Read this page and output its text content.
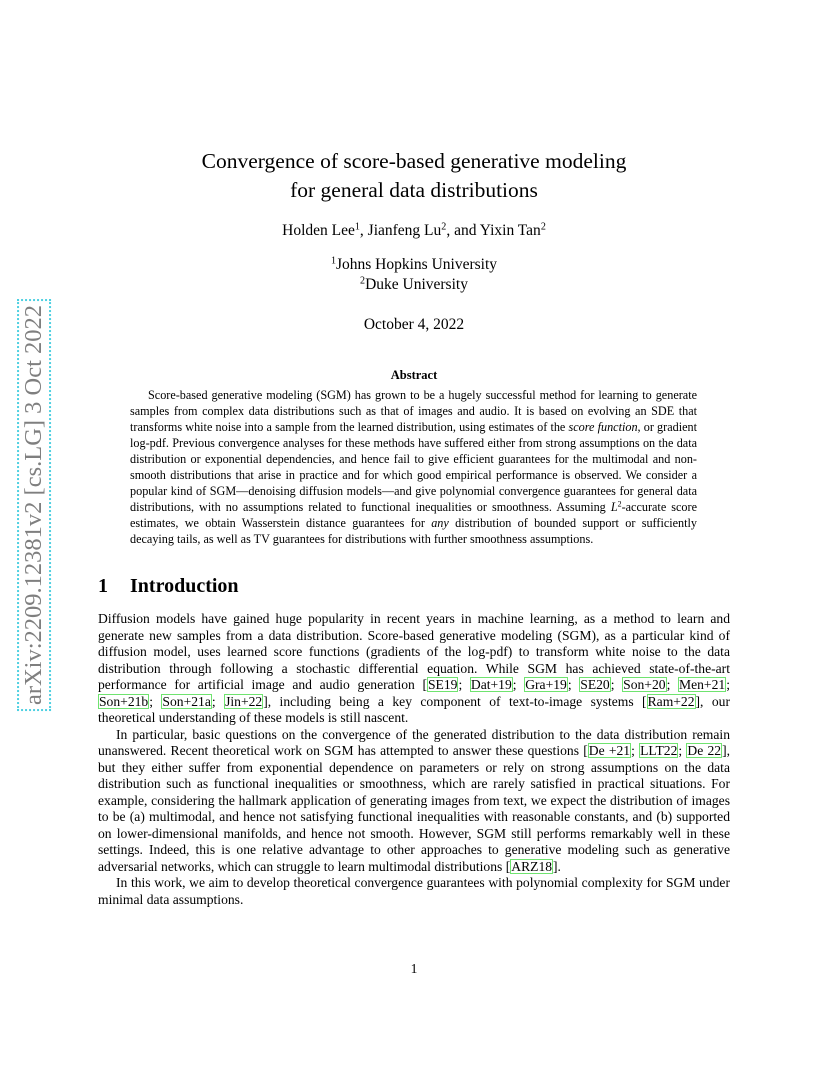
arXiv:2209.12381v2 [cs.LG] 3 Oct 2022
Convergence of score-based generative modeling
for general data distributions
Holden Lee$^1$, Jianfeng Lu$^2$, and Yixin Tan$^2$
$^1$Johns Hopkins University
$^2$Duke University
October 4, 2022
Abstract

Score-based generative modeling (SGM) has grown to be a hugely successful method for learning to generate samples from complex data distributions such as that of images and audio. It is based on evolving an SDE that transforms white noise into a sample from the learned distribution, using estimates of the score function, or gradient log-pdf. Previous convergence analyses for these methods have suffered either from strong assumptions on the data distribution or exponential dependencies, and hence fail to give efficient guarantees for the multimodal and non-smooth distributions that arise in practice and for which good empirical performance is observed. We consider a popular kind of SGM—denoising diffusion models—and give polynomial convergence guarantees for general data distributions, with no assumptions related to functional inequalities or smoothness. Assuming $L^2$-accurate score estimates, we obtain Wasserstein distance guarantees for any distribution of bounded support or sufficiently decaying tails, as well as TV guarantees for distributions with further smoothness assumptions.

1 Introduction

Diffusion models have gained huge popularity in recent years in machine learning, as a method to learn and generate new samples from a data distribution. Score-based generative modeling (SGM), as a particular kind of diffusion model, uses learned score functions (gradients of the log-pdf) to transform white noise to the data distribution through following a stochastic differential equation. While SGM has achieved state-of-the-art performance for artificial image and audio generation [SE19; Dat+19; Gra+19; SE20; Son+20; Men+21; Son+21b; Son+21a; Jin+22], including being a key component of text-to-image systems [Ram+22], our theoretical understanding of these models is still nascent.

In particular, basic questions on the convergence of the generated distribution to the data distribution remain unanswered. Recent theoretical work on SGM has attempted to answer these questions [De +21; LLT22; De 22], but they either suffer from exponential dependence on parameters or rely on strong assumptions on the data distribution such as functional inequalities or smoothness, which are rarely satisfied in practical situations. For example, considering the hallmark application of generating images from text, we expect the distribution of images to be (a) multimodal, and hence not satisfying functional inequalities with reasonable constants, and (b) supported on lower-dimensional manifolds, and hence not smooth. However, SGM still performs remarkably well in these settings. Indeed, this is one relative advantage to other approaches to generative modeling such as generative adversarial networks, which can struggle to learn multimodal distributions [ARZ18].

In this work, we aim to develop theoretical convergence guarantees with polynomial complexity for SGM under minimal data assumptions.

1
